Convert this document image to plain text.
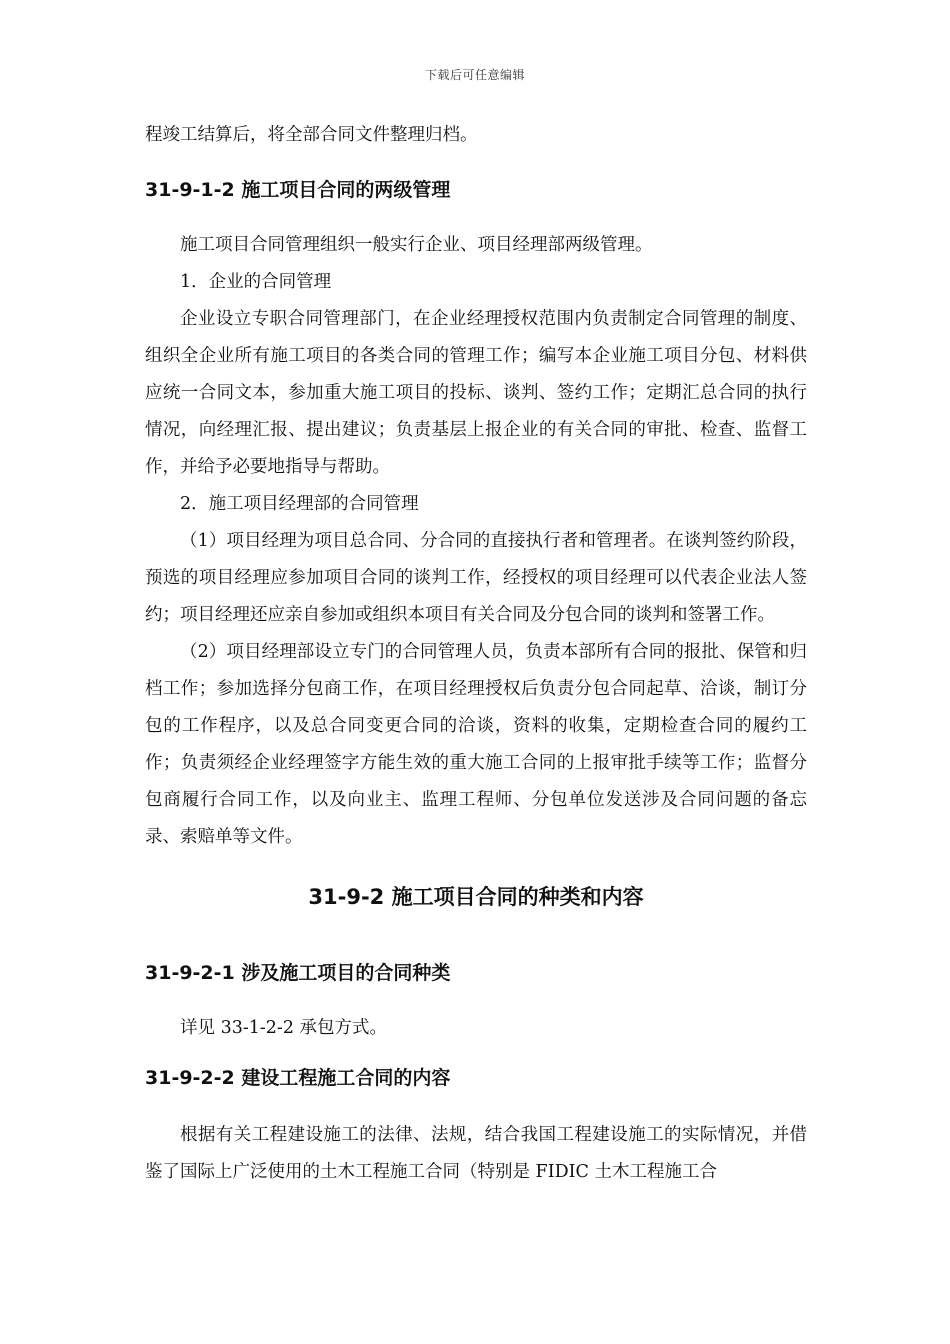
下载后可任意编辑

程竣工结算后，将全部合同文件整理归档。

31-9-1-2 施工项目合同的两级管理

施工项目合同管理组织一般实行企业、项目经理部两级管理。

1．企业的合同管理

企业设立专职合同管理部门，在企业经理授权范围内负责制定合同管理的制度、组织全企业所有施工项目的各类合同的管理工作；编写本企业施工项目分包、材料供应统一合同文本，参加重大施工项目的投标、谈判、签约工作；定期汇总合同的执行情况，向经理汇报、提出建议；负责基层上报企业的有关合同的审批、检查、监督工作，并给予必要地指导与帮助。

2．施工项目经理部的合同管理

（1）项目经理为项目总合同、分合同的直接执行者和管理者。在谈判签约阶段，预选的项目经理应参加项目合同的谈判工作，经授权的项目经理可以代表企业法人签约；项目经理还应亲自参加或组织本项目有关合同及分包合同的谈判和签署工作。

（2）项目经理部设立专门的合同管理人员，负责本部所有合同的报批、保管和归档工作；参加选择分包商工作，在项目经理授权后负责分包合同起草、洽谈，制订分包的工作程序，以及总合同变更合同的洽谈，资料的收集，定期检查合同的履约工作；负责须经企业经理签字方能生效的重大施工合同的上报审批手续等工作；监督分包商履行合同工作，以及向业主、监理工程师、分包单位发送涉及合同问题的备忘录、索赔单等文件。

31-9-2 施工项目合同的种类和内容
31-9-2-1 涉及施工项目的合同种类

详见 33-1-2-2 承包方式。

31-9-2-2 建设工程施工合同的内容

根据有关工程建设施工的法律、法规，结合我国工程建设施工的实际情况，并借鉴了国际上广泛使用的土木工程施工合同（特别是 FIDIC 土木工程施工合
